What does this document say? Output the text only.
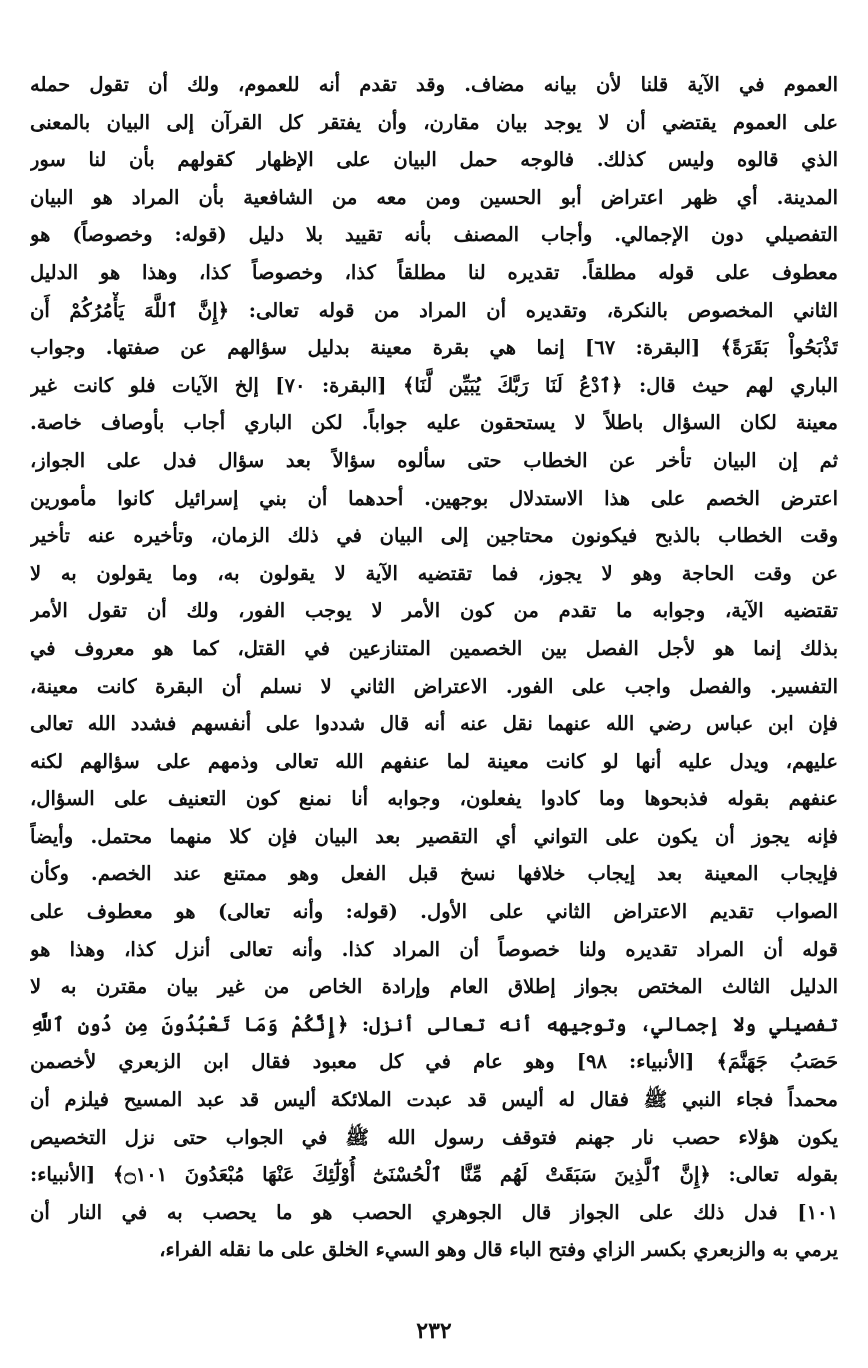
العموم في الآية قلنا لأن بيانه مضاف. وقد تقدم أنه للعموم، ولك أن تقول حمله
على العموم يقتضي أن لا يوجد بيان مقارن، وأن يفتقر كل القرآن إلى البيان بالمعنى
الذي قالوه وليس كذلك. فالوجه حمل البيان على الإظهار كقولهم بأن لنا سور
المدينة. أي ظهر اعتراض أبو الحسين ومن معه من الشافعية بأن المراد هو البيان
التفصيلي دون الإجمالي. وأجاب المصنف بأنه تقييد بلا دليل (قوله: وخصوصاً) هو
معطوف على قوله مطلقاً. تقديره لنا مطلقاً كذا، وخصوصاً كذا، وهذا هو الدليل
الثاني المخصوص بالنكرة، وتقديره أن المراد من قوله تعالى: ﴿إِنَّ ٱللَّهَ يَأْمُرُكُمْ أَن
تَذْبَحُواْ بَقَرَةً﴾ [البقرة: ٦٧] إنما هي بقرة معينة بدليل سؤالهم عن صفتها. وجواب
الباري لهم حيث قال: ﴿ٱدْعُ لَنَا رَبَّكَ يُبَيِّن لَّنَا﴾ [البقرة: ٧٠] إلخ الآيات فلو كانت غير
معينة لكان السؤال باطلاً لا يستحقون عليه جواباً. لكن الباري أجاب بأوصاف خاصة.
ثم إن البيان تأخر عن الخطاب حتى سألوه سؤالاً بعد سؤال فدل على الجواز،
اعترض الخصم على هذا الاستدلال بوجهين. أحدهما أن بني إسرائيل كانوا مأمورين
وقت الخطاب بالذبح فيكونون محتاجين إلى البيان في ذلك الزمان، وتأخيره عنه تأخير
عن وقت الحاجة وهو لا يجوز، فما تقتضيه الآية لا يقولون به، وما يقولون به لا
تقتضيه الآية، وجوابه ما تقدم من كون الأمر لا يوجب الفور، ولك أن تقول الأمر
بذلك إنما هو لأجل الفصل بين الخصمين المتنازعين في القتل، كما هو معروف في
التفسير. والفصل واجب على الفور. الاعتراض الثاني لا نسلم أن البقرة كانت معينة،
فإن ابن عباس رضي الله عنهما نقل عنه أنه قال شددوا على أنفسهم فشدد الله تعالى
عليهم، ويدل عليه أنها لو كانت معينة لما عنفهم الله تعالى وذمهم على سؤالهم لكنه
عنفهم بقوله فذبحوها وما كادوا يفعلون، وجوابه أنا نمنع كون التعنيف على السؤال،
فإنه يجوز أن يكون على التواني أي التقصير بعد البيان فإن كلا منهما محتمل. وأيضاً
فإيجاب المعينة بعد إيجاب خلافها نسخ قبل الفعل وهو ممتنع عند الخصم. وكأن
الصواب تقديم الاعتراض الثاني على الأول. (قوله: وأنه تعالى) هو معطوف على
قوله أن المراد تقديره ولنا خصوصاً أن المراد كذا. وأنه تعالى أنزل كذا، وهذا هو
الدليل الثالث المختص بجواز إطلاق العام وإرادة الخاص من غير بيان مقترن به لا
تفصيلي ولا إجمالي، وتوجيهه أنه تعالى أنزل: ﴿إِنَّكُمْ وَمَا تَعْبُدُونَ مِن دُونِ ٱللَّهِ
حَصَبُ جَهَنَّمَ﴾ [الأنبياء: ٩٨] وهو عام في كل معبود فقال ابن الزبعري لأخصمن
محمداً فجاء النبي ﷺ فقال له أليس قد عبدت الملائكة أليس قد عبد المسيح فيلزم أن
يكون هؤلاء حصب نار جهنم فتوقف رسول الله ﷺ في الجواب حتى نزل التخصيص
بقوله تعالى: ﴿إِنَّ ٱلَّذِينَ سَبَقَتْ لَهُم مِّنَّا ٱلْحُسْنَىٰٓ أُوْلَٰٓئِكَ عَنْهَا مُبْعَدُونَ ۝١٠١﴾ [الأنبياء:
١٠١] فدل ذلك على الجواز قال الجوهري الحصب هو ما يحصب به في النار أن
يرمي به والزبعري بكسر الزاي وفتح الباء قال وهو السيء الخلق على ما نقله الفراء،
٢٣٢
